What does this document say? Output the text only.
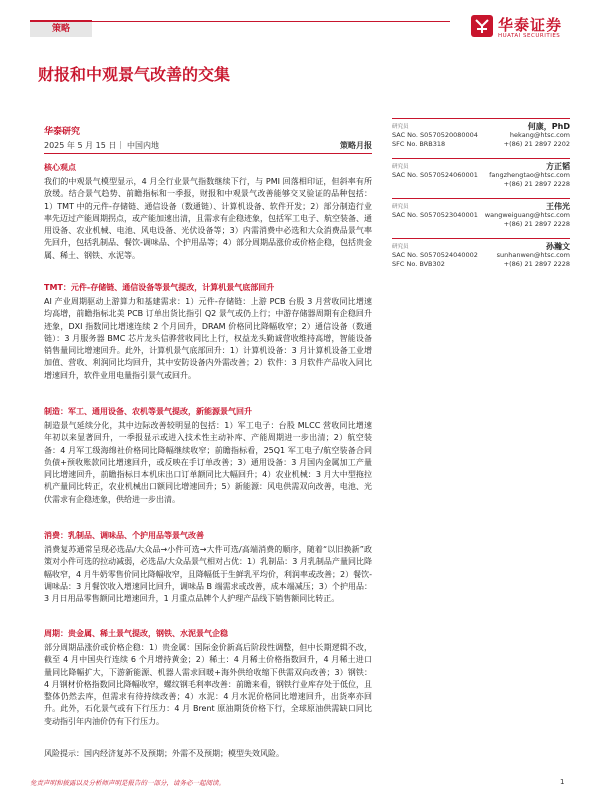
策略	华泰证券
HUATAI SECURITIES
财报和中观景气改善的交集
华泰研究
2025 年 5 月 15 日 | 中国内地	策略月报
核心观点
我们的中观景气模型显示，4 月全行业景气指数继续下行，与 PMI 回落相印证，但斜率有所放缓。结合景气趋势、前瞻指标和一季报，财报和中观景气改善能够交叉验证的品种包括：1）TMT 中的元件-存储链、通信设备（数通链）、计算机设备、软件开发；2）部分制造行业率先迈过产能周期拐点，或产能加速出清，且需求有企稳迹象，包括军工电子、航空装备、通用设备、农业机械、电池、风电设备、光伏设备等；3）内需消费中必选和大众消费品景气率先回升，包括乳制品、餐饮-调味品、个护用品等；4）部分周期品涨价或价格企稳，包括贵金属、稀土、钢铁、水泥等。
TMT：元件-存储链、通信设备等景气提改，计算机景气底部回升
AI 产业周期驱动上游算力和基建需求：1）元件-存储链：上游 PCB 台股 3 月营收同比增速均高增，前瞻指标北美 PCB 订单出货比指引 Q2 景气或仍上行；中游存储器周期有企稳回升迹象，DXI 指数同比增速连续 2 个月回升，DRAM 价格同比降幅收窄；2）通信设备（数通链）：3 月服务器 BMC 芯片龙头信骅营收同比上行，权益龙头勤诚营收维持高增，智能设备销售量同比增速回升。此外，计算机景气底部回升：1）计算机设备：3 月计算机设备工业增加值、营收、利润同比均回升，其中安防设备内外需改善；2）软件：3 月软件产品收入同比增速回升，软件业用电量指引景气或回升。
制造：军工、通用设备、农机等景气提改，新能源景气回升
制造景气延续分化，其中边际改善较明显的包括：1）军工电子：台股 MLCC 营收同比增速年初以来显著回升，一季报显示或进入技术性主动补库、产能周期进一步出清；2）航空装备：4 月军工级海绵社价格同比降幅继续收窄；前瞻指标看，25Q1 军工电子/航空装备合同负债+预收账款同比增速回升，或反映在手订单改善；3）通用设备：3 月国内金属加工产量同比增速回升，前瞻指标日本机床出口订单额同比大幅回升；4）农业机械：3 月大中型拖拉机产量同比转正，农业机械出口额同比增速回升；5）新能源：风电供需双向改善，电池、光伏需求有企稳迹象，供给进一步出清。
消费：乳制品、调味品、个护用品等景气改善
消费复苏通常呈现必选品/大众品→小件可选→大件可选/高端消费的顺序，随着“以旧换新”政策对小件可选的拉动减弱，必选品/大众品景气相对占优：1）乳制品：3 月乳制品产量同比降幅收窄，4 月牛奶零售价同比降幅收窄，且降幅低于生鲜乳平均价，利润率或改善；2）餐饮-调味品：3 月餐饮收入增速同比回升，调味品 B 端需求或改善，成本端减压；3）个护用品：3 月日用品零售额同比增速回升，1 月重点品牌个人护理产品线下销售额同比转正。
周期：贵金属、稀土景气提改，钢铁、水泥景气企稳
部分周期品涨价或价格企稳：1）贵金属：国际金价新高后阶段性调整，但中长期逻辑不改，截至 4 月中国央行连续 6 个月增持黄金；2）稀土：4 月稀土价格指数回升，4 月稀土进口量同比降幅扩大，下游新能源、机器人需求回暖+海外供给收缩下供需双向改善；3）钢铁：4 月钢材价格指数同比降幅收窄，螺纹钢毛利率改善：前瞻来看，钢铁行业库存处于低位，且整体仍然去库，但需求有待持续改善；4）水泥：4 月水泥价格同比增速回升，出货率亦回升。此外，石化景气或有下行压力：4 月 Brent 原油期货价格下行，全球原油供需缺口同比变动指引年内油价仍有下行压力。
风险提示：国内经济复苏不及预期；外需不及预期；模型失效风险。
研究员	何康，PhD
SAC No. S0570520080004	hekang@htsc.com
SFC No. BRB318	+(86) 21 2897 2202
研究员	方正韬
SAC No. S0570524060001 fangzhengtao@htsc.com
+(86) 21 2897 2228
研究员	王伟光
SAC No. S0570523040001 wangweiguang@htsc.com
+(86) 21 2897 2228
研究员	孙瀚文
SAC No. S0570524040002	sunhanwen@htsc.com
SFC No. BVB302	+(86) 21 2897 2228
免责声明和披露以及分析师声明是报告的一部分，请务必一起阅读。	1
